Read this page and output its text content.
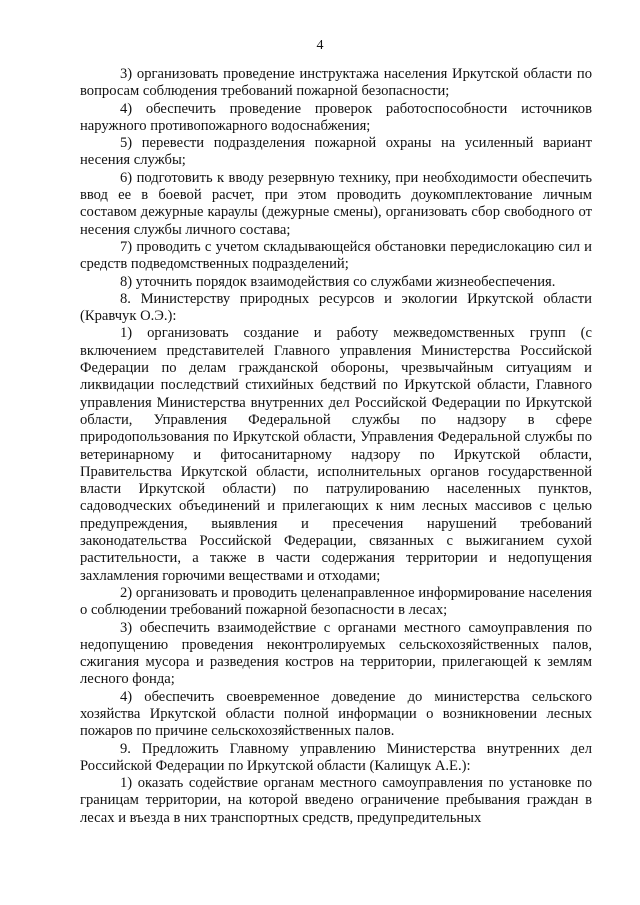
4

3) организовать проведение инструктажа населения Иркутской области по вопросам соблюдения требований пожарной безопасности;

4) обеспечить проведение проверок работоспособности источников наружного противопожарного водоснабжения;

5) перевести подразделения пожарной охраны на усиленный вариант несения службы;

6) подготовить к вводу резервную технику, при необходимости обеспечить ввод ее в боевой расчет, при этом проводить доукомплектование личным составом дежурные караулы (дежурные смены), организовать сбор свободного от несения службы личного состава;

7) проводить с учетом складывающейся обстановки передислокацию сил и средств подведомственных подразделений;

8) уточнить порядок взаимодействия со службами жизнеобеспечения.

8. Министерству природных ресурсов и экологии Иркутской области (Кравчук О.Э.):

1) организовать создание и работу межведомственных групп (с включением представителей Главного управления Министерства Российской Федерации по делам гражданской обороны, чрезвычайным ситуациям и ликвидации последствий стихийных бедствий по Иркутской области, Главного управления Министерства внутренних дел Российской Федерации по Иркутской области, Управления Федеральной службы по надзору в сфере природопользования по Иркутской области, Управления Федеральной службы по ветеринарному и фитосанитарному надзору по Иркутской области, Правительства Иркутской области, исполнительных органов государственной власти Иркутской области) по патрулированию населенных пунктов, садоводческих объединений и прилегающих к ним лесных массивов с целью предупреждения, выявления и пресечения нарушений требований законодательства Российской Федерации, связанных с выжиганием сухой растительности, а также в части содержания территории и недопущения захламления горючими веществами и отходами;

2) организовать и проводить целенаправленное информирование населения о соблюдении требований пожарной безопасности в лесах;

3) обеспечить взаимодействие с органами местного самоуправления по недопущению проведения неконтролируемых сельскохозяйственных палов, сжигания мусора и разведения костров на территории, прилегающей к землям лесного фонда;

4) обеспечить своевременное доведение до министерства сельского хозяйства Иркутской области полной информации о возникновении лесных пожаров по причине сельскохозяйственных палов.

9. Предложить Главному управлению Министерства внутренних дел Российской Федерации по Иркутской области (Калищук А.Е.):

1) оказать содействие органам местного самоуправления по установке по границам территории, на которой введено ограничение пребывания граждан в лесах и въезда в них транспортных средств, предупредительных
